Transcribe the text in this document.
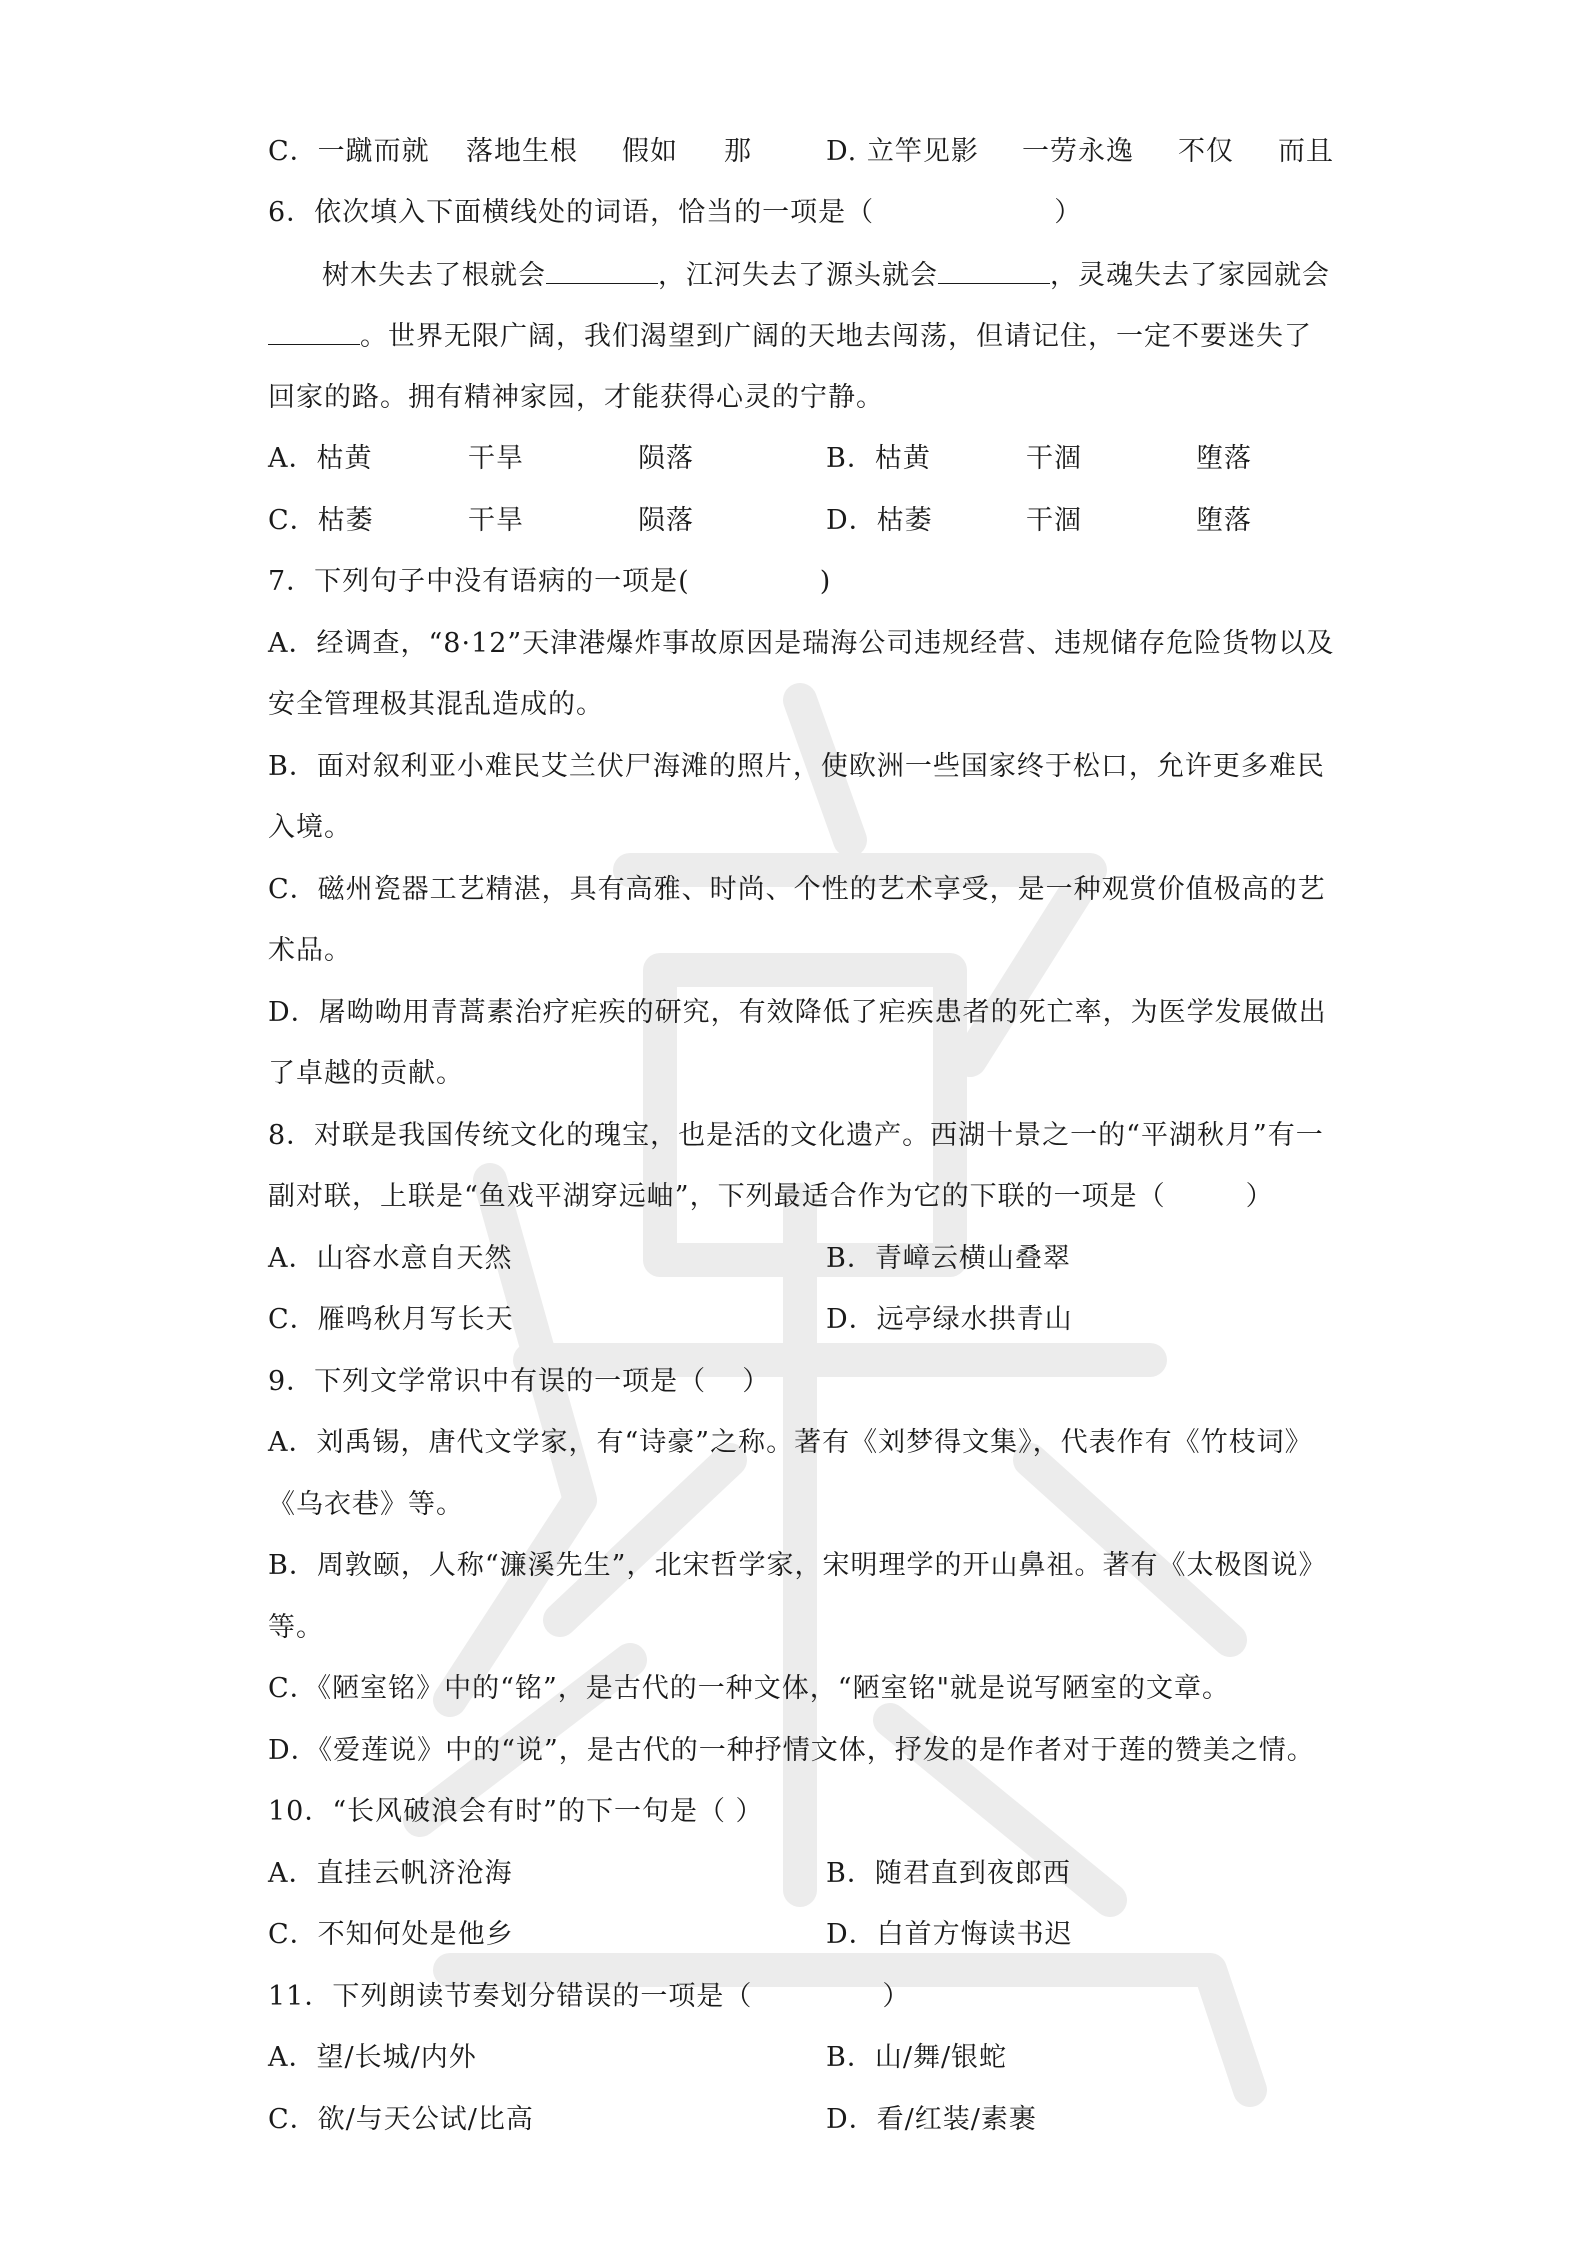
C．一蹴而就 落地生根 假如 那	D. 立竿见影 一劳永逸 不仅 而且
6．依次填入下面横线处的词语，恰当的一项是（	）
树木失去了根就会	，江河失去了源头就会	，灵魂失去了家园就会
。世界无限广阔，我们渴望到广阔的天地去闯荡，但请记住，一定不要迷失了
回家的路。拥有精神家园，才能获得心灵的宁静。
A．枯黄	干旱	陨落	B．枯黄	干涸	堕落
C．枯萎	干旱	陨落	D．枯萎	干涸	堕落
7．下列句子中没有语病的一项是(	)
A．经调查，“8·12”天津港爆炸事故原因是瑞海公司违规经营、违规储存危险货物以及
安全管理极其混乱造成的。
B．面对叙利亚小难民艾兰伏尸海滩的照片，使欧洲一些国家终于松口，允许更多难民
入境。
C．磁州瓷器工艺精湛，具有高雅、时尚、个性的艺术享受，是一种观赏价值极高的艺
术品。
D．屠呦呦用青蒿素治疗疟疾的研究，有效降低了疟疾患者的死亡率，为医学发展做出
了卓越的贡献。
8．对联是我国传统文化的瑰宝，也是活的文化遗产。西湖十景之一的“平湖秋月”有一
副对联，上联是“鱼戏平湖穿远岫”，下列最适合作为它的下联的一项是（	）
A．山容水意自天然	B．青嶂云横山叠翠
C．雁鸣秋月写长天	D．远亭绿水拱青山
9．下列文学常识中有误的一项是（ ）
A．刘禹锡，唐代文学家，有“诗豪”之称。著有《刘梦得文集》，代表作有《竹枝词》
《乌衣巷》等。
B．周敦颐，人称“濂溪先生”，北宋哲学家，宋明理学的开山鼻祖。著有《太极图说》
等。
C．《陋室铭》中的“铭”，是古代的一种文体，“陋室铭"就是说写陋室的文章。
D．《爱莲说》中的“说”，是古代的一种抒情文体，抒发的是作者对于莲的赞美之情。
10．“长风破浪会有时”的下一句是（ ）
A．直挂云帆济沧海	B．随君直到夜郎西
C．不知何处是他乡	D．白首方悔读书迟
11．下列朗读节奏划分错误的一项是（	）
A．望/长城/内外	B．山/舞/银蛇
C．欲/与天公试/比高	D．看/红装/素裹
